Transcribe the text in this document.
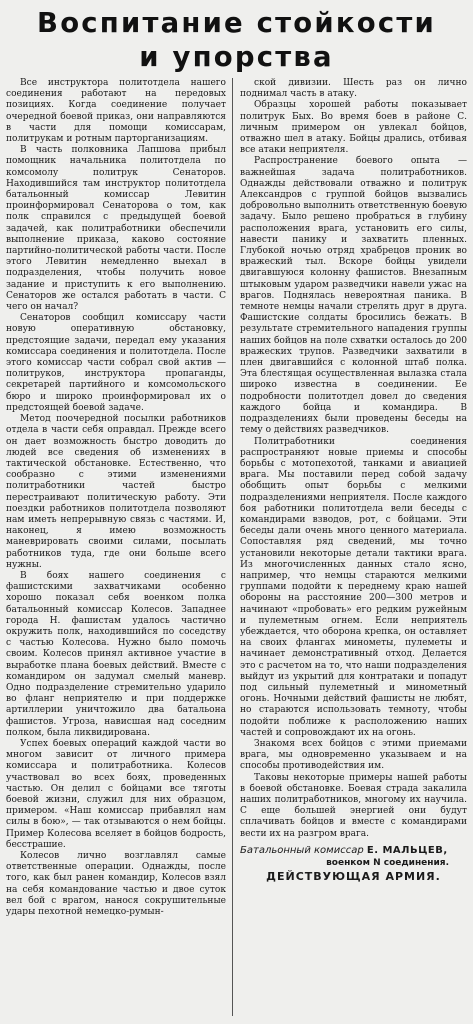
Воспитание стойкости
и упорства

Все инструктора политотдела нашего соединения работают на передовых позициях. Когда соединение получает очередной боевой приказ, они направляются в части для помощи комиссарам, политрукам и ротным парторганизациям.

В часть полковника Лапшова прибыл помощник начальника политотдела по комсомолу политрук Сенаторов. Находившийся там инструктор политотдела батальонный комиссар Левитин проинформировал Сенаторова о том, как полк справился с предыдущей боевой задачей, как политработники обеспечили выполнение приказа, каково состояние партийно-политической работы части. После этого Левитин немедленно выехал в подразделения, чтобы получить новое задание и приступить к его выполнению. Сенаторов же остался работать в части. С чего он начал?

Сенаторов сообщил комиссару части новую оперативную обстановку, предстоящие задачи, передал ему указания комиссара соединения и политотдела. После этого комиссар части собрал свой актив — политруков, инструктора пропаганды, секретарей партийного и комсомольского бюро и широко проинформировал их о предстоящей боевой задаче.

Метод поочередной посылки работников отдела в части себя оправдал. Прежде всего он дает возможность быстро доводить до людей все сведения об изменениях в тактической обстановке. Естественно, что сообразно с этими изменениями политработники частей быстро перестраивают политическую работу. Эти поездки работников политотдела позволяют нам иметь непрерывную связь с частями. И, наконец, я имею возможность маневрировать своими силами, посылать работников туда, где они больше всего нужны.

В боях нашего соединения с фашистскими захватчиками особенно хорошо показал себя военком полка батальонный комиссар Колесов. Западнее города Н. фашистам удалось частично окружить полк, находившийся по соседству с частью Колесова. Нужно было помочь своим. Колесов принял активное участие в выработке плана боевых действий. Вместе с командиром он задумал смелый маневр. Одно подразделение стремительно ударило во фланг неприятелю и при поддержке артиллерии уничтожило два батальона фашистов. Угроза, нависшая над соседним полком, была ликвидирована.

Успех боевых операций каждой части во многом зависит от личного примера комиссара и политработника. Колесов участвовал во всех боях, проведенных частью. Он делил с бойцами все тяготы боевой жизни, служил для них образцом, примером. «Наш комиссар прибавлял нам силы в бою», — так отзываются о нем бойцы. Пример Колесова вселяет в бойцов бодрость, бесстрашие.

Колесов лично возглавлял самые ответственные операции. Однажды, после того, как был ранен командир, Колесов взял на себя командование частью и двое суток вел бой с врагом, нанося сокрушительные удары пехотной немецко-румын-

ской дивизии. Шесть раз он лично поднимал часть в атаку.

Образцы хорошей работы показывает политрук Бых. Во время боев в районе С. личным примером он увлекал бойцов, отважно шел в атаку. Бойцы дрались, отбивая все атаки неприятеля.

Распространение боевого опыта — важнейшая задача политработников. Однажды действовали отважно и политрук Александров с группой бойцов вызвались добровольно выполнить ответственную боевую задачу. Было решено пробраться в глубину расположения врага, установить его силы, навести панику и захватить пленных. Глубокой ночью отряд храбрецов проник во вражеский тыл. Вскоре бойцы увидели двигавшуюся колонну фашистов. Внезапным штыковым ударом разведчики навели ужас на врагов. Поднялась невероятная паника. В темноте немцы начали стрелять друг в друга. Фашистские солдаты бросились бежать. В результате стремительного нападения группы наших бойцов на поле схватки осталось до 200 вражеских трупов. Разведчики захватили в плен двигавшийся с колонной штаб полка. Эта блестящая осуществленная вылазка стала широко известна в соединении. Ее подробности политотдел довел до сведения каждого бойца и командира. В подразделениях были проведены беседы на тему о действиях разведчиков.

Политработники соединения распространяют новые приемы и способы борьбы с мотопехотой, танками и авиацией врага. Мы поставили перед собой задачу обобщить опыт борьбы с мелкими подразделениями неприятеля. После каждого боя работники политотдела вели беседы с командирами взводов, рот, с бойцами. Эти беседы дали очень много ценного материала. Сопоставляя ряд сведений, мы точно установили некоторые детали тактики врага. Из многочисленных данных стало ясно, например, что немцы стараются мелкими группами подойти к переднему краю нашей обороны на расстояние 200—300 метров и начинают «пробовать» его редким ружейным и пулеметным огнем. Если неприятель убеждается, что оборона крепка, он оставляет на своих флангах минометы, пулеметы и начинает демонстративный отход. Делается это с расчетом на то, что наши подразделения выйдут из укрытий для контратаки и попадут под сильный пулеметный и минометный огонь. Ночными действий фашисты не любят, но стараются использовать темноту, чтобы подойти поближе к расположению наших частей и сопровождают их на огонь.

Знакомя всех бойцов с этими приемами врага, мы одновременно указываем и на способы противодействия им.

Таковы некоторые примеры нашей работы в боевой обстановке. Боевая страда закалила наших политработников, многому их научила. С еще большей энергией они будут сплачивать бойцов и вместе с командирами вести их на разгром врага.

Батальонный комиссар Е. МАЛЬЦЕВ,
военком N соединения.
ДЕЙСТВУЮЩАЯ АРМИЯ.
